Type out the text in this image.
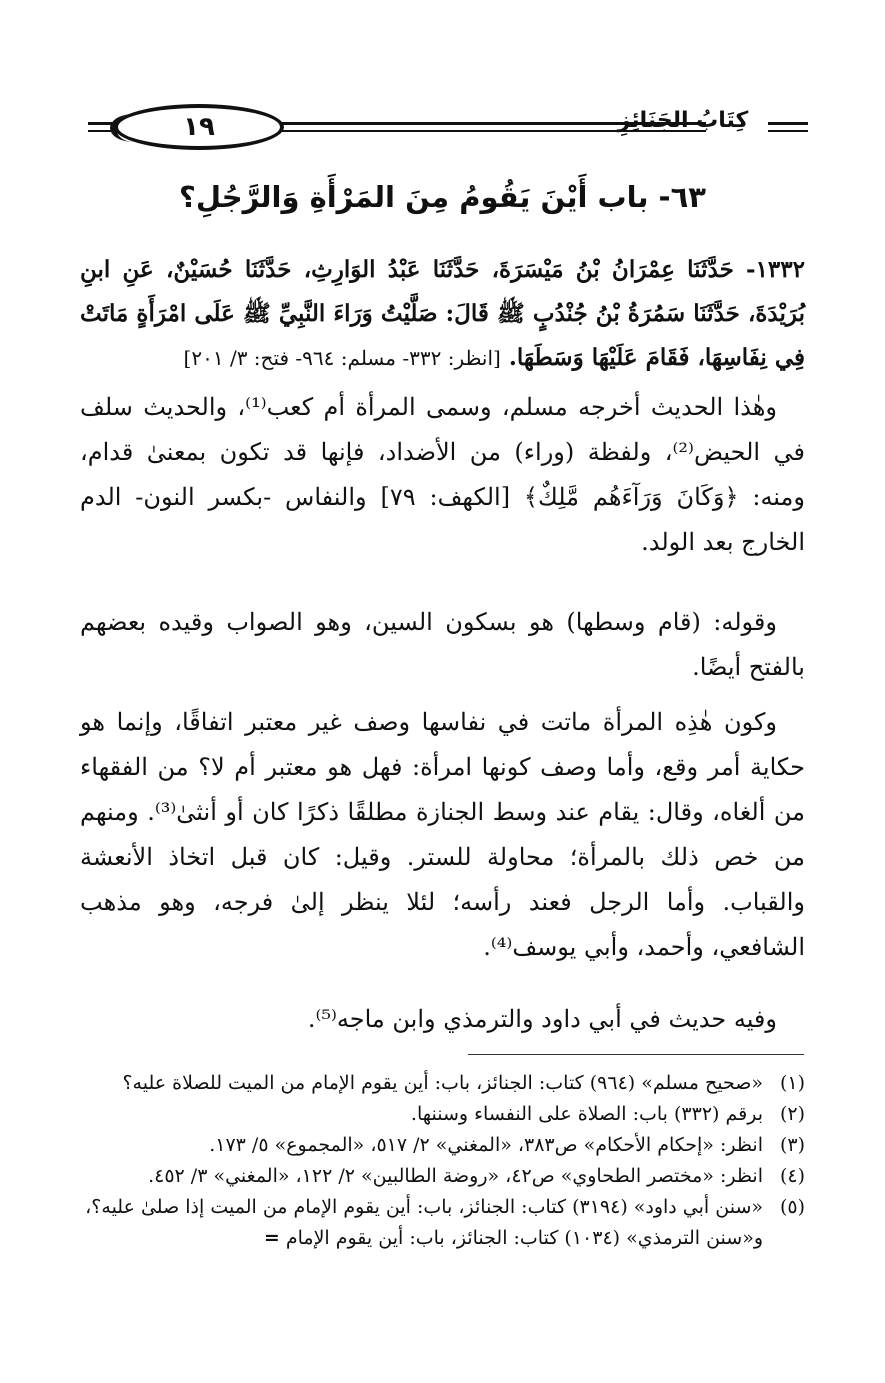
١٩	كِتَابُ الجَنَائِزِ
٦٣- باب أَيْنَ يَقُومُ مِنَ المَرْأَةِ وَالرَّجُلِ؟
١٣٣٢- حَدَّثَنَا عِمْرَانُ بْنُ مَيْسَرَةَ، حَدَّثَنَا عَبْدُ الوَارِثِ، حَدَّثَنَا حُسَيْنٌ، عَنِ ابنِ بُرَيْدَةَ، حَدَّثَنَا سَمُرَةُ بْنُ جُنْدُبٍ ﷺ قَالَ: صَلَّيْتُ وَرَاءَ النَّبِيِّ ﷺ عَلَى امْرَأَةٍ مَاتَتْ فِي نِفَاسِهَا، فَقَامَ عَلَيْهَا وَسَطَهَا. [انظر: ٣٣٢- مسلم: ٩٦٤- فتح: ٣/ ٢٠١]
وهٰذا الحديث أخرجه مسلم، وسمى المرأة أم كعب⁽¹⁾، والحديث سلف في الحيض⁽²⁾، ولفظة (وراء) من الأضداد، فإنها قد تكون بمعنىٰ قدام، ومنه: ﴿وَكَانَ وَرَآءَهُم مَّلِكٌ﴾ [الكهف: ٧٩] والنفاس -بكسر النون- الدم الخارج بعد الولد.
وقوله: (قام وسطها) هو بسكون السين، وهو الصواب وقيده بعضهم بالفتح أيضًا.
وكون هٰذِه المرأة ماتت في نفاسها وصف غير معتبر اتفاقًا، وإنما هو حكاية أمر وقع، وأما وصف كونها امرأة: فهل هو معتبر أم لا؟ من الفقهاء من ألغاه، وقال: يقام عند وسط الجنازة مطلقًا ذكرًا كان أو أنثىٰ⁽³⁾. ومنهم من خص ذلك بالمرأة؛ محاولة للستر. وقيل: كان قبل اتخاذ الأنعشة والقباب. وأما الرجل فعند رأسه؛ لئلا ينظر إلىٰ فرجه، وهو مذهب الشافعي، وأحمد، وأبي يوسف⁽⁴⁾.
وفيه حديث في أبي داود والترمذي وابن ماجه⁽⁵⁾.
(١)
«صحيح مسلم» (٩٦٤) كتاب: الجنائز، باب: أين يقوم الإمام من الميت للصلاة عليه؟
(٢)
برقم (٣٣٢) باب: الصلاة على النفساء وسننها.
(٣)
انظر: «إحكام الأحكام» ص٣٨٣، «المغني» ٢/ ٥١٧، «المجموع» ٥/ ١٧٣.
(٤)
انظر: «مختصر الطحاوي» ص٤٢، «روضة الطالبين» ٢/ ١٢٢، «المغني» ٣/ ٤٥٢.
(٥)
«سنن أبي داود» (٣١٩٤) كتاب: الجنائز، باب: أين يقوم الإمام من الميت إذا صلىٰ عليه؟، و«سنن الترمذي» (١٠٣٤) كتاب: الجنائز، باب: أين يقوم الإمام =
